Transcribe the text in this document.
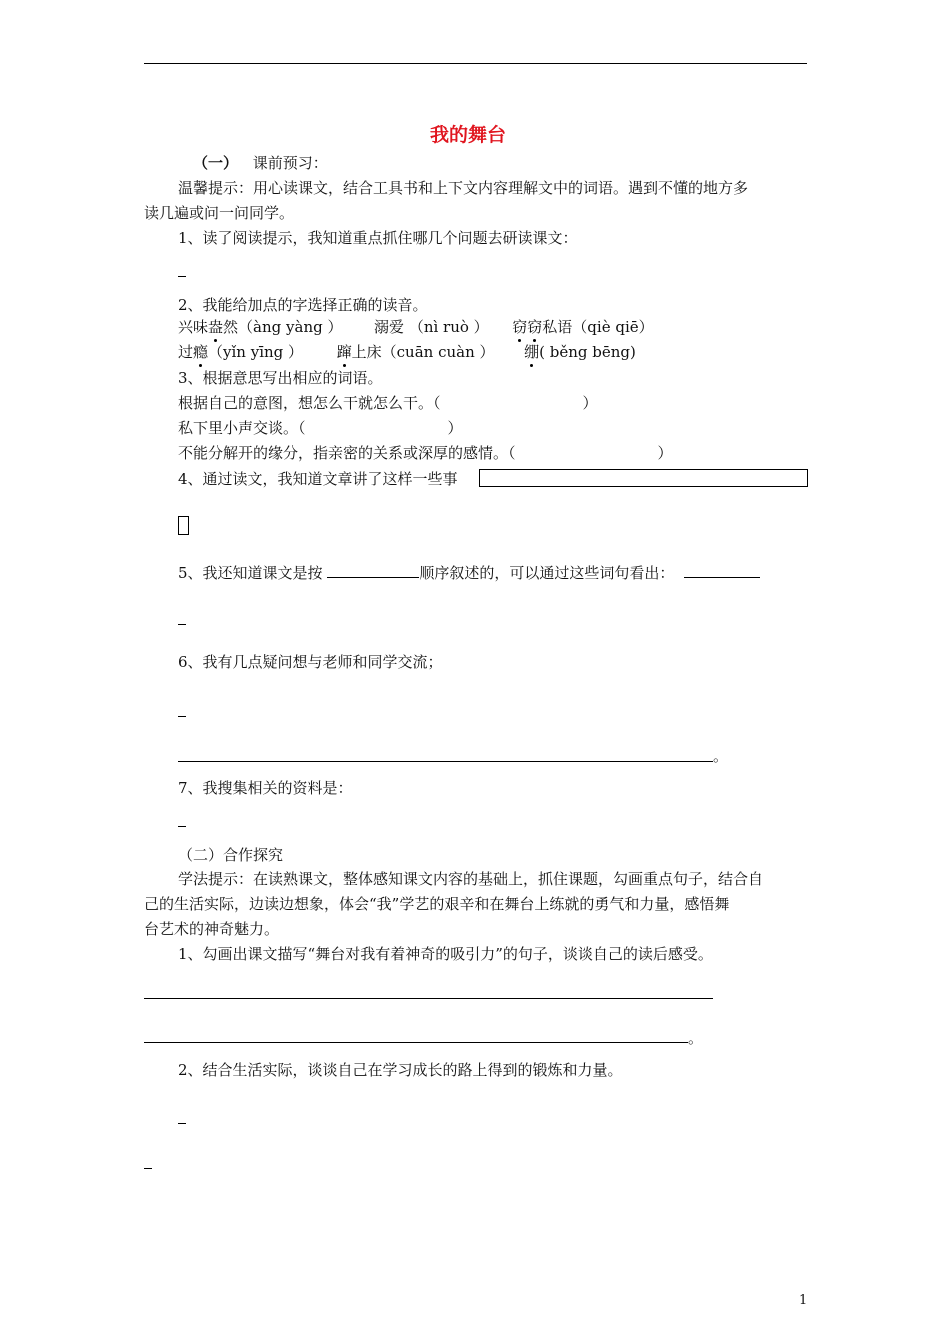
我的舞台
（一） 课前预习：
温馨提示：用心读课文，结合工具书和上下文内容理解文中的词语。遇到不懂的地方多
读几遍或问一问同学。
1、读了阅读提示，我知道重点抓住哪几个问题去研读课文：
2、我能给加点的字选择正确的读音。
兴味盎然（àng yàng ） 溺爱 （nì ruò ） 窃窃私语（qiè qiē）
过瘾（yǐn yīng ） 蹿上床（cuān cuàn ） 绷( běng bēng)
3、根据意思写出相应的词语。
根据自己的意图，想怎么干就怎么干。（	）
私下里小声交谈。（	）
不能分解开的缘分，指亲密的关系或深厚的感情。（	）
4、通过读文，我知道文章讲了这样一些事
5、我还知道课文是按	顺序叙述的，可以通过这些词句看出：
6、我有几点疑问想与老师和同学交流；
。
7、我搜集相关的资料是：
（二）合作探究
学法提示：在读熟课文，整体感知课文内容的基础上，抓住课题，勾画重点句子，结合自
己的生活实际，边读边想象，体会“我”学艺的艰辛和在舞台上练就的勇气和力量，感悟舞
台艺术的神奇魅力。
1、勾画出课文描写“舞台对我有着神奇的吸引力”的句子，谈谈自己的读后感受。
。
2、结合生活实际，谈谈自己在学习成长的路上得到的锻炼和力量。
1
